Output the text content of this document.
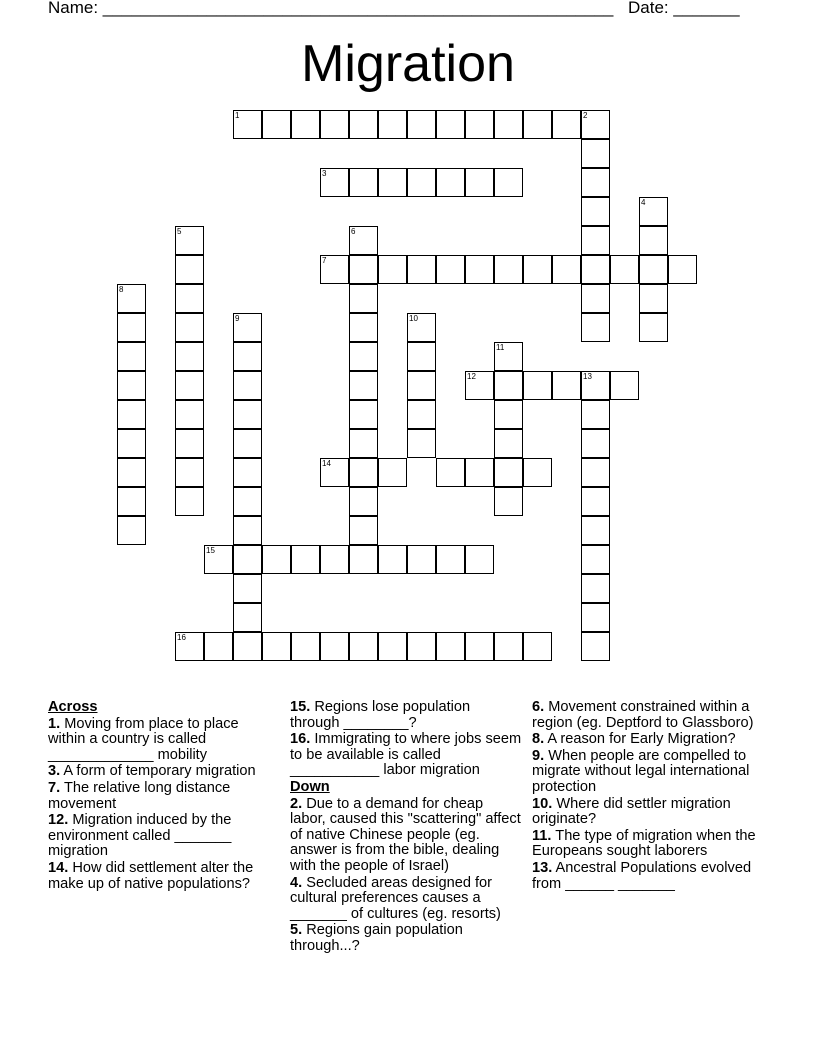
Name: ______________________________________________________ Date: _______
Migration
1	2
3
4
5	6
7
8
9	10
11
12	13
14
15
16
Across
1. Moving from place to place within a country is called _____________ mobility
3. A form of temporary migration
7. The relative long distance movement
12. Migration induced by the environment called _______ migration
14. How did settlement alter the make up of native populations?
15. Regions lose population through ________?
16. Immigrating to where jobs seem to be available is called ___________ labor migration
Down
2. Due to a demand for cheap labor, caused this "scattering" affect of native Chinese people (eg. answer is from the bible, dealing with the people of Israel)
4. Secluded areas designed for cultural preferences causes a _______ of cultures (eg. resorts)
5. Regions gain population through...?
6. Movement constrained within a region (eg. Deptford to Glassboro)
8. A reason for Early Migration?
9. When people are compelled to migrate without legal international protection
10. Where did settler migration originate?
11. The type of migration when the Europeans sought laborers
13. Ancestral Populations evolved from ______ _______
